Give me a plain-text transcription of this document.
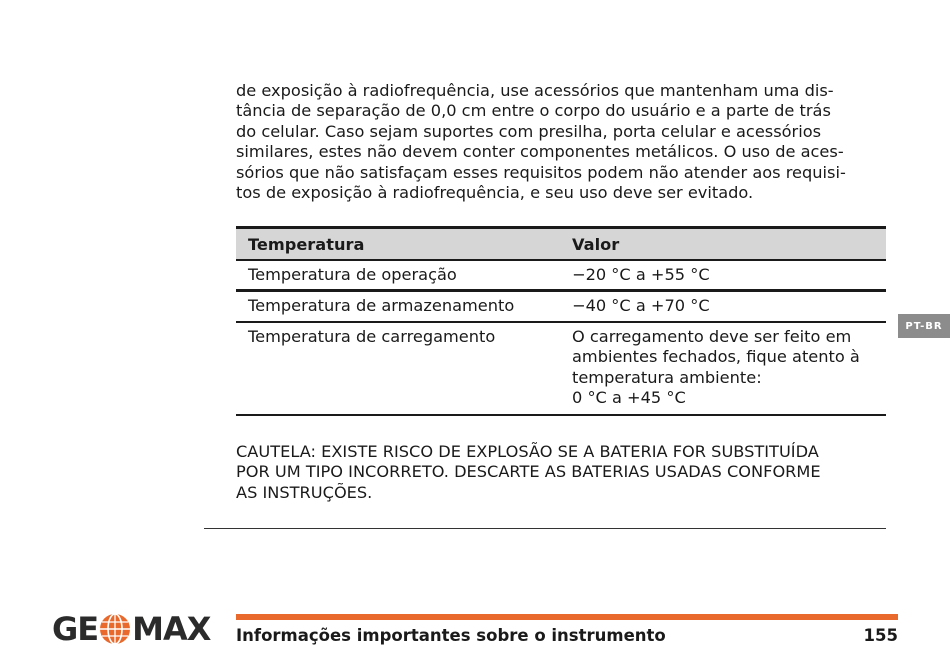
de exposição à radiofrequência, use acessórios que mantenham uma dis-
tância de separação de 0,0 cm entre o corpo do usuário e a parte de trás
do celular. Caso sejam suportes com presilha, porta celular e acessórios
similares, estes não devem conter componentes metálicos. O uso de aces-
sórios que não satisfaçam esses requisitos podem não atender aos requisi-
tos de exposição à radiofrequência, e seu uso deve ser evitado.
Temperatura	Valor
Temperatura de operação	−20 °C a +55 °C
Temperatura de armazenamento	−40 °C a +70 °C
Temperatura de carregamento	O carregamento deve ser feito em
ambientes fechados, fique atento à
temperatura ambiente:
0 °C a +45 °C
CAUTELA: EXISTE RISCO DE EXPLOSÃO SE A BATERIA FOR SUBSTITUÍDA
POR UM TIPO INCORRETO. DESCARTE AS BATERIAS USADAS CONFORME
AS INSTRUÇÕES.
PT-BR
GE MAX Informações importantes sobre o instrumento	155
